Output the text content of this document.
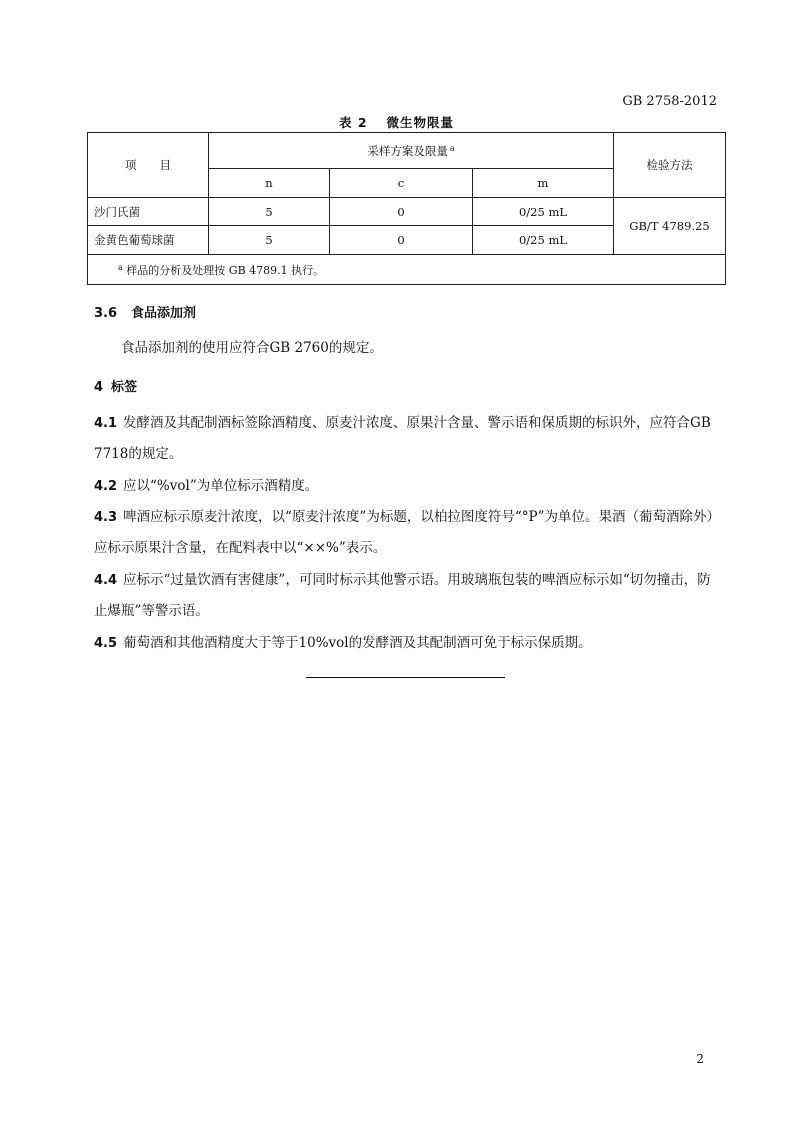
GB 2758-2012
表 2　 微生物限量
项　　目	采样方案及限量 $^a$			检验方法
	n	c	m	
沙门氏菌	5	0	0/25 mL	GB/T 4789.25
金黄色葡萄球菌	5	0	0/25 mL	
$^a$ 样品的分析及处理按 GB 4789.1 执行。				
3.6 食品添加剂

食品添加剂的使用应符合GB 2760的规定。

4 标签

4.1 发酵酒及其配制酒标签除酒精度、原麦汁浓度、原果汁含量、警示语和保质期的标识外，应符合GB 7718的规定。

4.2 应以“%vol”为单位标示酒精度。

4.3 啤酒应标示原麦汁浓度，以“原麦汁浓度”为标题，以柏拉图度符号“°P”为单位。果酒（葡萄酒除外）应标示原果汁含量，在配料表中以“××%”表示。

4.4 应标示“过量饮酒有害健康”，可同时标示其他警示语。用玻璃瓶包装的啤酒应标示如“切勿撞击，防止爆瓶”等警示语。

4.5 葡萄酒和其他酒精度大于等于10%vol的发酵酒及其配制酒可免于标示保质期。

2
